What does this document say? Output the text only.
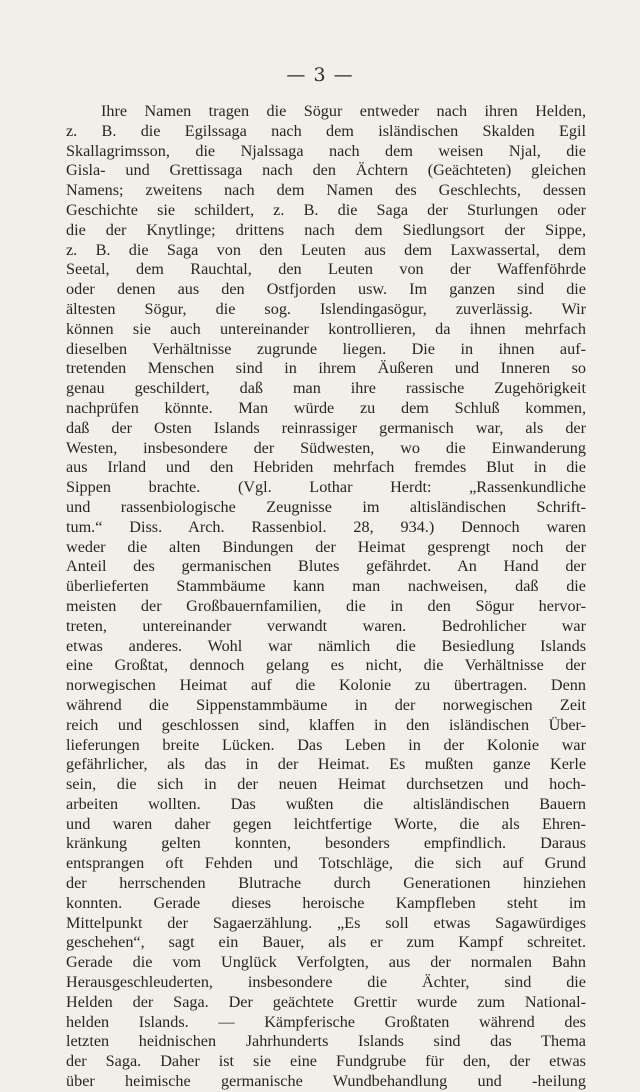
— 3 —
Ihre Namen tragen die Sögur entweder nach ihren Helden,
z. B. die Egilssaga nach dem isländischen Skalden Egil
Skallagrimsson, die Njalssaga nach dem weisen Njal, die
Gisla- und Grettissaga nach den Ächtern (Geächteten) gleichen
Namens; zweitens nach dem Namen des Geschlechts, dessen
Geschichte sie schildert, z. B. die Saga der Sturlungen oder
die der Knytlinge; drittens nach dem Siedlungsort der Sippe,
z. B. die Saga von den Leuten aus dem Laxwassertal, dem
Seetal, dem Rauchtal, den Leuten von der Waffenföhrde
oder denen aus den Ostfjorden usw. Im ganzen sind die
ältesten Sögur, die sog. Islendingasögur, zuverlässig. Wir
können sie auch untereinander kontrollieren, da ihnen mehrfach
dieselben Verhältnisse zugrunde liegen. Die in ihnen auf-
tretenden Menschen sind in ihrem Äußeren und Inneren so
genau geschildert, daß man ihre rassische Zugehörigkeit
nachprüfen könnte. Man würde zu dem Schluß kommen,
daß der Osten Islands reinrassiger germanisch war, als der
Westen, insbesondere der Südwesten, wo die Einwanderung
aus Irland und den Hebriden mehrfach fremdes Blut in die
Sippen brachte. (Vgl. Lothar Herdt: „Rassenkundliche
und rassenbiologische Zeugnisse im altisländischen Schrift-
tum.“ Diss. Arch. Rassenbiol. 28, 934.) Dennoch waren
weder die alten Bindungen der Heimat gesprengt noch der
Anteil des germanischen Blutes gefährdet. An Hand der
überlieferten Stammbäume kann man nachweisen, daß die
meisten der Großbauernfamilien, die in den Sögur hervor-
treten, untereinander verwandt waren. Bedrohlicher war
etwas anderes. Wohl war nämlich die Besiedlung Islands
eine Großtat, dennoch gelang es nicht, die Verhältnisse der
norwegischen Heimat auf die Kolonie zu übertragen. Denn
während die Sippenstammbäume in der norwegischen Zeit
reich und geschlossen sind, klaffen in den isländischen Über-
lieferungen breite Lücken. Das Leben in der Kolonie war
gefährlicher, als das in der Heimat. Es mußten ganze Kerle
sein, die sich in der neuen Heimat durchsetzen und hoch-
arbeiten wollten. Das wußten die altisländischen Bauern
und waren daher gegen leichtfertige Worte, die als Ehren-
kränkung gelten konnten, besonders empfindlich. Daraus
entsprangen oft Fehden und Totschläge, die sich auf Grund
der herrschenden Blutrache durch Generationen hinziehen
konnten. Gerade dieses heroische Kampfleben steht im
Mittelpunkt der Sagaerzählung. „Es soll etwas Sagawürdiges
geschehen“, sagt ein Bauer, als er zum Kampf schreitet.
Gerade die vom Unglück Verfolgten, aus der normalen Bahn
Herausgeschleuderten, insbesondere die Ächter, sind die
Helden der Saga. Der geächtete Grettir wurde zum National-
helden Islands. — Kämpferische Großtaten während des
letzten heidnischen Jahrhunderts Islands sind das Thema
der Saga. Daher ist sie eine Fundgrube für den, der etwas
über heimische germanische Wundbehandlung und -heilung
